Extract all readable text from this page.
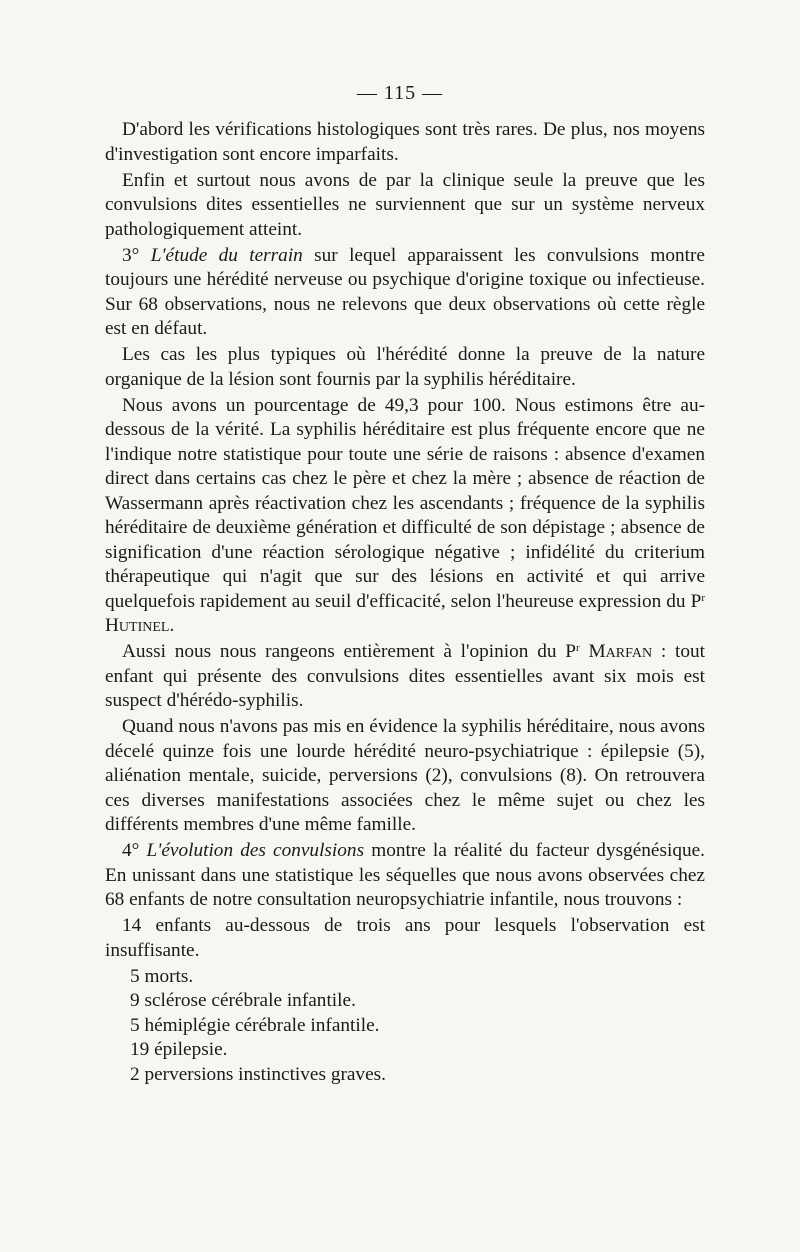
— 115 —

D'abord les vérifications histologiques sont très rares. De plus, nos moyens d'investigation sont encore imparfaits.

Enfin et surtout nous avons de par la clinique seule la preuve que les convulsions dites essentielles ne surviennent que sur un système nerveux pathologiquement atteint.

3° L'étude du terrain sur lequel apparaissent les convulsions montre toujours une hérédité nerveuse ou psychique d'origine toxique ou infectieuse. Sur 68 observations, nous ne relevons que deux observations où cette règle est en défaut.

Les cas les plus typiques où l'hérédité donne la preuve de la nature organique de la lésion sont fournis par la syphilis héréditaire.

Nous avons un pourcentage de 49,3 pour 100. Nous estimons être au-dessous de la vérité. La syphilis héréditaire est plus fréquente encore que ne l'indique notre statistique pour toute une série de raisons : absence d'examen direct dans certains cas chez le père et chez la mère ; absence de réaction de Wassermann après réactivation chez les ascendants ; fréquence de la syphilis héréditaire de deuxième génération et difficulté de son dépistage ; absence de signification d'une réaction sérologique négative ; infidélité du criterium thérapeutique qui n'agit que sur des lésions en activité et qui arrive quelquefois rapidement au seuil d'efficacité, selon l'heureuse expression du $P^r$ Hutinel.

Aussi nous nous rangeons entièrement à l'opinion du $P^r$ Marfan : tout enfant qui présente des convulsions dites essentielles avant six mois est suspect d'hérédo-syphilis.

Quand nous n'avons pas mis en évidence la syphilis héréditaire, nous avons décelé quinze fois une lourde hérédité neuro-psychiatrique : épilepsie (5), aliénation mentale, suicide, perversions (2), convulsions (8). On retrouvera ces diverses manifestations associées chez le même sujet ou chez les différents membres d'une même famille.

4° L'évolution des convulsions montre la réalité du facteur dysgénésique. En unissant dans une statistique les séquelles que nous avons observées chez 68 enfants de notre consultation neuropsychiatrie infantile, nous trouvons :

14 enfants au-dessous de trois ans pour lesquels l'observation est insuffisante.

5 morts.

9 sclérose cérébrale infantile.

5 hémiplégie cérébrale infantile.

19 épilepsie.

2 perversions instinctives graves.
